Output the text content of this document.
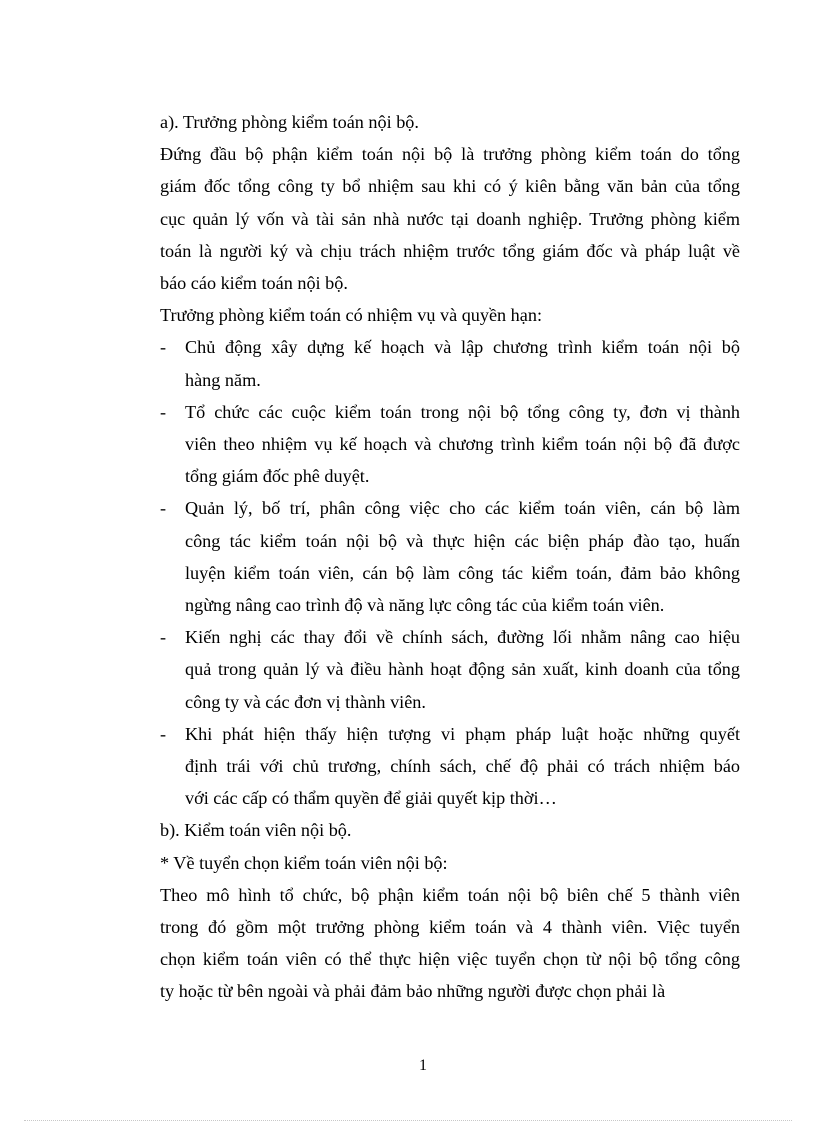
a). Trưởng phòng kiểm toán nội bộ.
Đứng đầu bộ phận kiểm toán nội bộ là trưởng phòng kiểm toán do tổng
giám đốc tổng công ty bổ nhiệm sau khi có ý kiên bằng văn bản của tổng
cục quản lý vốn và tài sản nhà nước tại doanh nghiệp. Trưởng phòng kiểm
toán là người ký và chịu trách nhiệm trước tổng giám đốc và pháp luật về
báo cáo kiểm toán nội bộ.
Trưởng phòng kiểm toán có nhiệm vụ và quyền hạn:
- Chủ động xây dựng kế hoạch và lập chương trình kiểm toán nội bộ
hàng năm.
- Tổ chức các cuộc kiểm toán trong nội bộ tổng công ty, đơn vị thành
viên theo nhiệm vụ kế hoạch và chương trình kiểm toán nội bộ đã được
tổng giám đốc phê duyệt.
- Quản lý, bố trí, phân công việc cho các kiểm toán viên, cán bộ làm
công tác kiểm toán nội bộ và thực hiện các biện pháp đào tạo, huấn
luyện kiểm toán viên, cán bộ làm công tác kiểm toán, đảm bảo không
ngừng nâng cao trình độ và năng lực công tác của kiểm toán viên.
- Kiến nghị các thay đổi về chính sách, đường lối nhằm nâng cao hiệu
quả trong quản lý và điều hành hoạt động sản xuất, kinh doanh của tổng
công ty và các đơn vị thành viên.
- Khi phát hiện thấy hiện tượng vi phạm pháp luật hoặc những quyết
định trái với chủ trương, chính sách, chế độ phải có trách nhiệm báo
với các cấp có thẩm quyền để giải quyết kịp thời…
b). Kiểm toán viên nội bộ.
* Về tuyển chọn kiểm toán viên nội bộ:
Theo mô hình tổ chức, bộ phận kiểm toán nội bộ biên chế 5 thành viên
trong đó gồm một trưởng phòng kiểm toán và 4 thành viên. Việc tuyển
chọn kiểm toán viên có thể thực hiện việc tuyển chọn từ nội bộ tổng công
ty hoặc từ bên ngoài và phải đảm bảo những người được chọn phải là
1
